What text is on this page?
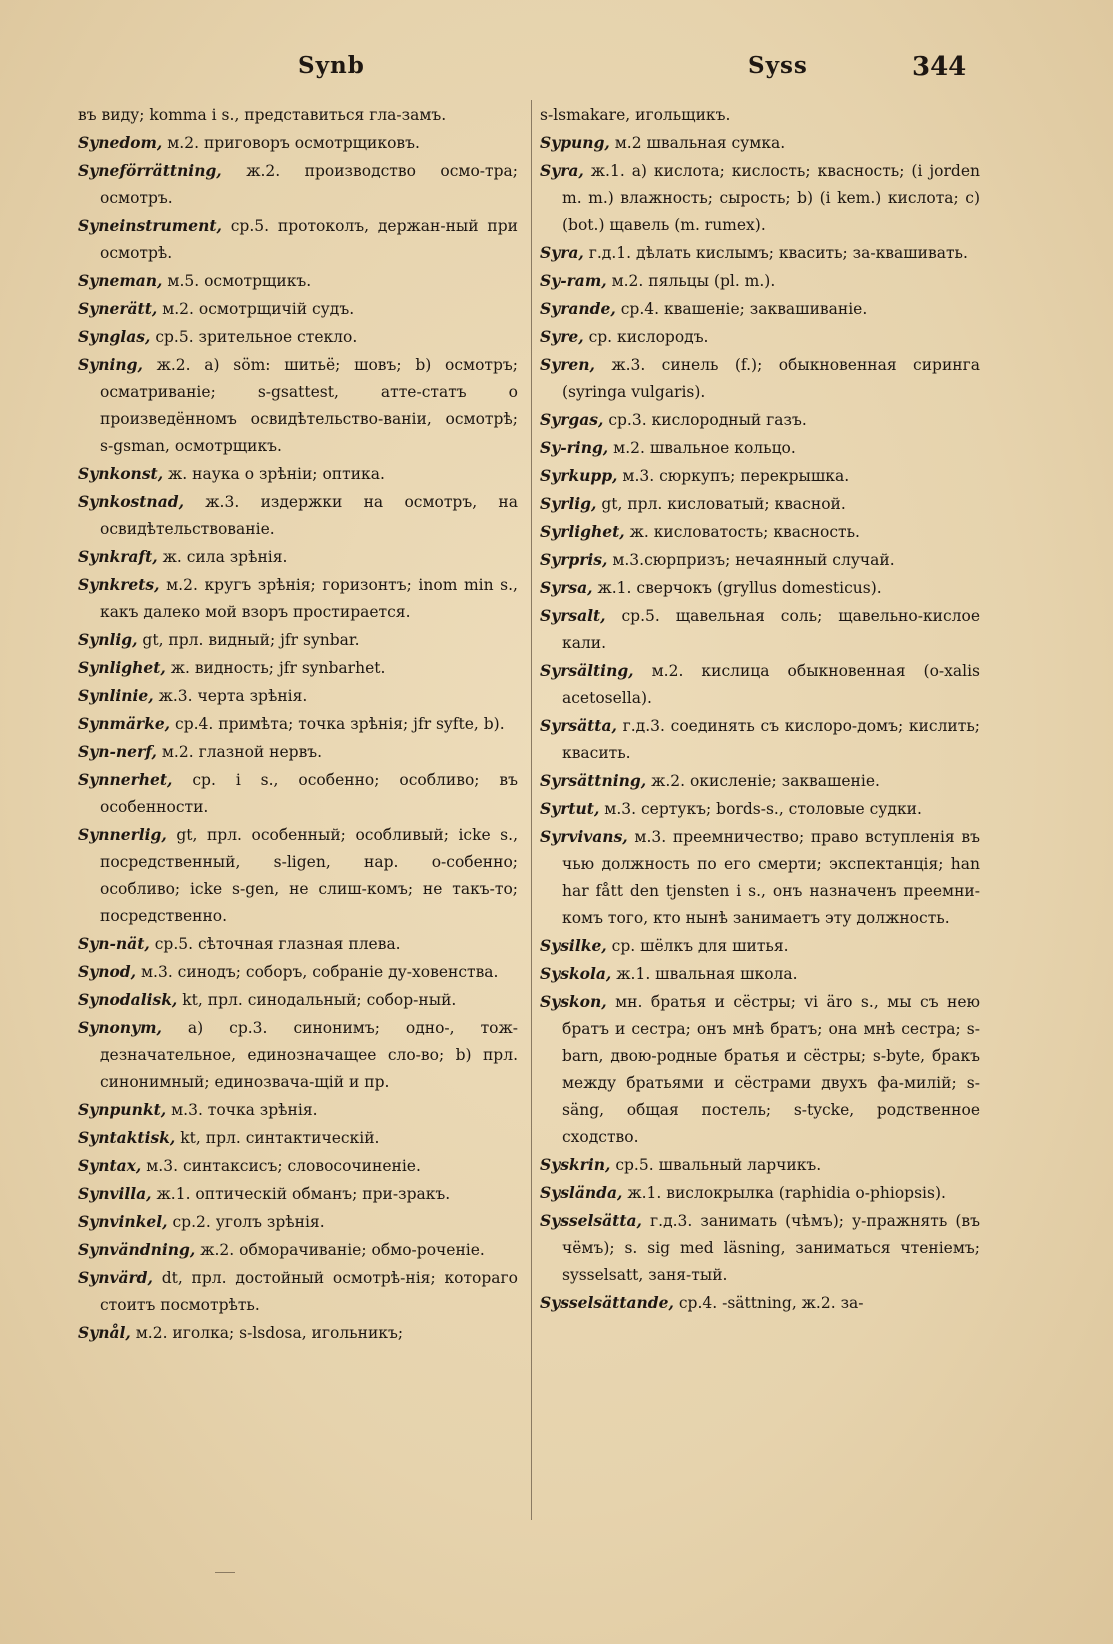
Synb	Syss	344

въ виду; komma i s., представиться гла-замъ.

Synedom, м.2. приговоръ осмотрщиковъ.

Syneförrättning, ж.2. производство осмо-тра; осмотръ.

Syneinstrument, ср.5. протоколъ, держан-ный при осмотрѣ.

Syneman, м.5. осмотрщикъ.

Synerätt, м.2. осмотрщичій судъ.

Synglas, ср.5. зрительное стекло.

Syning, ж.2. a) söm: шитьё; шовъ; b) осмотръ; осматриваніе; s-gsattest, атте-статъ о произведённомъ освидѣтельство-ваніи, осмотрѣ; s-gsman, осмотрщикъ.

Synkonst, ж. наука о зрѣніи; оптика.

Synkostnad, ж.3. издержки на осмотръ, на освидѣтельствованіе.

Synkraft, ж. сила зрѣнія.

Synkrets, м.2. кругъ зрѣнія; горизонтъ; inom min s., какъ далеко мой взоръ простирается.

Synlig, gt, прл. видный; jfr synbar.

Synlighet, ж. видность; jfr synbarhet.

Synlinie, ж.3. черта зрѣнія.

Synmärke, ср.4. примѣта; точка зрѣнія; jfr syfte, b).

Syn-nerf, м.2. глазной нервъ.

Synnerhet, ср. i s., особенно; особливо; въ особенности.

Synnerlig, gt, прл. особенный; особливый; icke s., посредственный, s-ligen, нар. о-собенно; особливо; icke s-gen, не слиш-комъ; не такъ-то; посредственно.

Syn-nät, ср.5. сѣточная глазная плева.

Synod, м.3. синодъ; соборъ, собраніе ду-ховенства.

Synodalisk, kt, прл. синодальный; собор-ный.

Synonym, a) ср.3. синонимъ; одно-, тож-дезначательное, единозначащее сло-во; b) прл. синонимный; единозвача-щій и пр.

Synpunkt, м.3. точка зрѣнія.

Syntaktisk, kt, прл. синтактическій.

Syntax, м.3. синтаксисъ; словосочиненіе.

Synvilla, ж.1. оптическій обманъ; при-зракъ.

Synvinkel, ср.2. уголъ зрѣнія.

Synvändning, ж.2. обморачиваніе; обмо-роченіе.

Synvärd, dt, прл. достойный осмотрѣ-нія; котораго стоитъ посмотрѣть.

Synål, м.2. иголка; s-lsdosa, игольникъ;

s-lsmakare, игольщикъ.

Sypung, м.2 швальная сумка.

Syra, ж.1. a) кислота; кислость; квасность; (i jorden m. m.) влажность; сырость; b) (i kem.) кислота; c) (bot.) щавель (m. rumex).

Syra, г.д.1. дѣлать кислымъ; квасить; за-квашивать.

Sy-ram, м.2. пяльцы (pl. m.).

Syrande, ср.4. квашеніе; заквашиваніе.

Syre, ср. кислородъ.

Syren, ж.3. синель (f.); обыкновенная сиринга (syringa vulgaris).

Syrgas, ср.3. кислородный газъ.

Sy-ring, м.2. швальное кольцо.

Syrkupp, м.3. сюркупъ; перекрышка.

Syrlig, gt, прл. кисловатый; квасной.

Syrlighet, ж. кисловатость; квасность.

Syrpris, м.3.сюрпризъ; нечаянный случай.

Syrsa, ж.1. сверчокъ (gryllus domesticus).

Syrsalt, ср.5. щавельная соль; щавельно-кислое кали.

Syrsälting, м.2. кислица обыкновенная (o-xalis acetosella).

Syrsätta, г.д.3. соединять съ кислоро-домъ; кислить; квасить.

Syrsättning, ж.2. окисленіе; заквашеніе.

Syrtut, м.3. сертукъ; bords-s., столовые судки.

Syrvivans, м.3. преемничество; право вступленія въ чью должность по его смерти; экспектанція; han har fått den tjensten i s., онъ назначенъ преемни-комъ того, кто нынѣ занимаетъ эту должность.

Sysilke, ср. шёлкъ для шитья.

Syskola, ж.1. швальная школа.

Syskon, мн. братья и сёстры; vi äro s., мы съ нею братъ и сестра; онъ мнѣ братъ; она мнѣ сестра; s-barn, двою-родные братья и сёстры; s-byte, бракъ между братьями и сёстрами двухъ фа-милій; s-säng, общая постель; s-tycke, родственное сходство.

Syskrin, ср.5. швальный ларчикъ.

Sysländа, ж.1. вислокрылка (raphidia o-phiopsis).

Sysselsätta, г.д.3. занимать (чѣмъ); у-пражнять (въ чёмъ); s. sig med läsning, заниматься чтеніемъ; sysselsatt, заня-тый.

Sysselsättande, ср.4. -sättning, ж.2. за-
